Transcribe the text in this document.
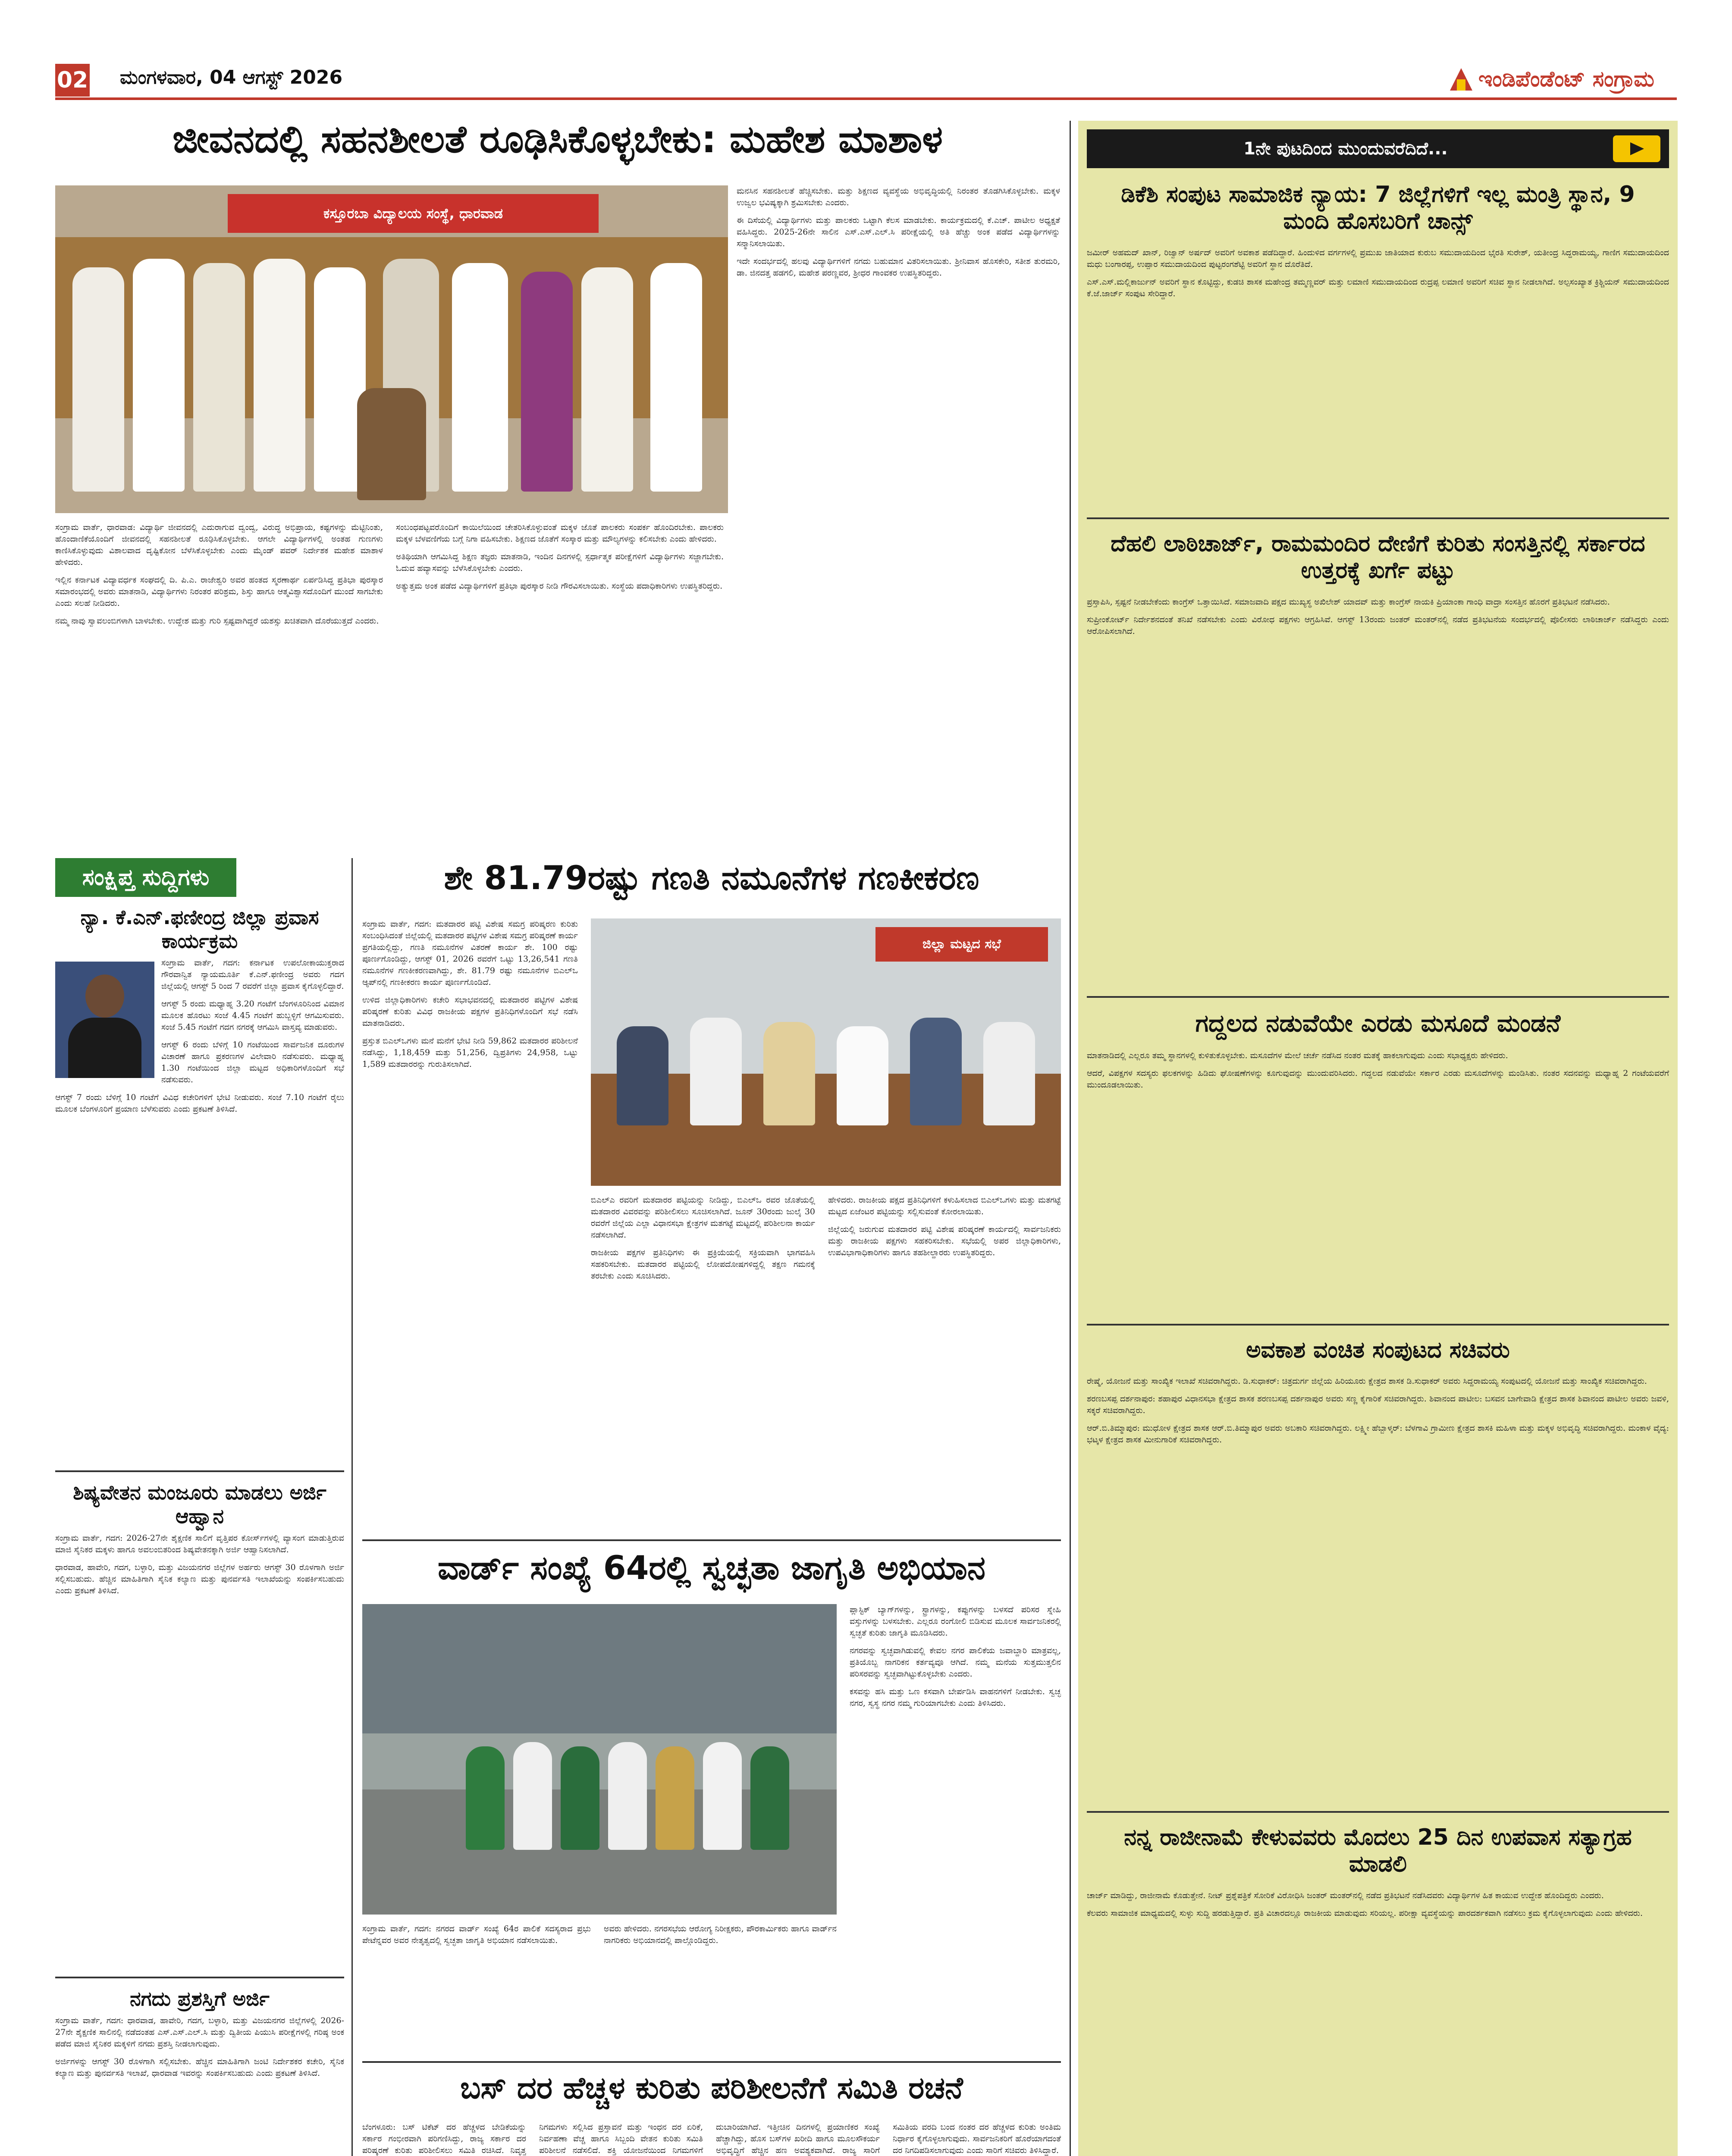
02 ಮಂಗಳವಾರ, 04 ಆಗಸ್ಟ್ 2026	ಇಂಡಿಪೆಂಡೆಂಟ್ ಸಂಗ್ರಾಮ
ಜೀವನದಲ್ಲಿ ಸಹನಶೀಲತೆ ರೂಢಿಸಿಕೊಳ್ಳಬೇಕು: ಮಹೇಶ ಮಾಶಾಳ
ಕಸ್ತೂರಬಾ ವಿದ್ಯಾಲಯ ಸಂಸ್ಥೆ, ಧಾರವಾಡ

ಸಂಗ್ರಾಮ ವಾರ್ತೆ, ಧಾರವಾಡ: ವಿದ್ಯಾರ್ಥಿ ಜೀವನದಲ್ಲಿ ಎದುರಾಗುವ ದ್ವಂದ್ವ, ವಿರುದ್ಧ ಅಭಿಪ್ರಾಯ, ಕಷ್ಟಗಳನ್ನು ಮೆಟ್ಟಿನಿಂತು, ಹೊಂದಾಣಿಕೆಯೊಂದಿಗೆ ಜೀವನದಲ್ಲಿ ಸಹನಶೀಲತೆ ರೂಢಿಸಿಕೊಳ್ಳಬೇಕು. ಆಗಲೇ ವಿದ್ಯಾರ್ಥಿಗಳಲ್ಲಿ ಅಂತಹ ಗುಣಗಳು ಕಾಣಿಸಿಕೊಳ್ಳುವುದು ವಿಶಾಲವಾದ ದೃಷ್ಟಿಕೋನ ಬೆಳೆಸಿಕೊಳ್ಳಬೇಕು ಎಂದು ಮೈಂಡ್ ಪವರ್ ನಿರ್ದೇಶಕ ಮಹೇಶ ಮಾಶಾಳ ಹೇಳಿದರು.

ಇಲ್ಲಿನ ಕರ್ನಾಟಕ ವಿದ್ಯಾವರ್ಧಕ ಸಂಘದಲ್ಲಿ ದಿ. ಪಿ.ಎ. ರಾಜೇಶ್ವರಿ ಅವರ ಹಂತದ ಸ್ಮರಣಾರ್ಥ ಏರ್ಪಡಿಸಿದ್ದ ಪ್ರತಿಭಾ ಪುರಸ್ಕಾರ ಸಮಾರಂಭದಲ್ಲಿ ಅವರು ಮಾತನಾಡಿ, ವಿದ್ಯಾರ್ಥಿಗಳು ನಿರಂತರ ಪರಿಶ್ರಮ, ಶಿಸ್ತು ಹಾಗೂ ಆತ್ಮವಿಶ್ವಾಸದೊಂದಿಗೆ ಮುಂದೆ ಸಾಗಬೇಕು ಎಂದು ಸಲಹೆ ನೀಡಿದರು.

ನಮ್ಮ ನಾವು ಸ್ವಾವಲಂಬಿಗಳಾಗಿ ಬಾಳಬೇಕು. ಉದ್ದೇಶ ಮತ್ತು ಗುರಿ ಸ್ಪಷ್ಟವಾಗಿದ್ದರೆ ಯಶಸ್ಸು ಖಚಿತವಾಗಿ ದೊರೆಯುತ್ತದೆ ಎಂದರು.

ಸಂಬಂಧಪಟ್ಟವರೊಂದಿಗೆ ಕಾಯಿಲೆಯಿಂದ ಚೇತರಿಸಿಕೊಳ್ಳುವಂತೆ ಮಕ್ಕಳ ಜೊತೆ ಪಾಲಕರು ಸಂಪರ್ಕ ಹೊಂದಿರಬೇಕು. ಪಾಲಕರು ಮಕ್ಕಳ ಬೆಳವಣಿಗೆಯ ಬಗ್ಗೆ ನಿಗಾ ವಹಿಸಬೇಕು. ಶಿಕ್ಷಣದ ಜೊತೆಗೆ ಸಂಸ್ಕಾರ ಮತ್ತು ಮೌಲ್ಯಗಳನ್ನು ಕಲಿಸಬೇಕು ಎಂದು ಹೇಳಿದರು.

ಅತಿಥಿಯಾಗಿ ಆಗಮಿಸಿದ್ದ ಶಿಕ್ಷಣ ತಜ್ಞರು ಮಾತನಾಡಿ, ಇಂದಿನ ದಿನಗಳಲ್ಲಿ ಸ್ಪರ್ಧಾತ್ಮಕ ಪರೀಕ್ಷೆಗಳಿಗೆ ವಿದ್ಯಾರ್ಥಿಗಳು ಸಜ್ಜಾಗಬೇಕು. ಓದುವ ಹವ್ಯಾಸವನ್ನು ಬೆಳೆಸಿಕೊಳ್ಳಬೇಕು ಎಂದರು.

ಅತ್ಯುತ್ತಮ ಅಂಕ ಪಡೆದ ವಿದ್ಯಾರ್ಥಿಗಳಿಗೆ ಪ್ರತಿಭಾ ಪುರಸ್ಕಾರ ನೀಡಿ ಗೌರವಿಸಲಾಯಿತು. ಸಂಸ್ಥೆಯ ಪದಾಧಿಕಾರಿಗಳು ಉಪಸ್ಥಿತರಿದ್ದರು.

ಮನಸಿನ ಸಹನಶೀಲತೆ ಹೆಚ್ಚಿಸಬೇಕು. ಮತ್ತು ಶಿಕ್ಷಣದ ವ್ಯವಸ್ಥೆಯ ಅಭಿವೃದ್ಧಿಯಲ್ಲಿ ನಿರಂತರ ತೊಡಗಿಸಿಕೊಳ್ಳಬೇಕು. ಮಕ್ಕಳ ಉಜ್ವಲ ಭವಿಷ್ಯಕ್ಕಾಗಿ ಶ್ರಮಿಸಬೇಕು ಎಂದರು.

ಈ ದಿಸೆಯಲ್ಲಿ ವಿದ್ಯಾರ್ಥಿಗಳು ಮತ್ತು ಪಾಲಕರು ಒಟ್ಟಾಗಿ ಕೆಲಸ ಮಾಡಬೇಕು. ಕಾರ್ಯಕ್ರಮದಲ್ಲಿ ಕೆ.ಎಚ್. ಪಾಟೀಲ ಅಧ್ಯಕ್ಷತೆ ವಹಿಸಿದ್ದರು. 2025-26ನೇ ಸಾಲಿನ ಎಸ್.ಎಸ್.ಎಲ್.ಸಿ ಪರೀಕ್ಷೆಯಲ್ಲಿ ಅತಿ ಹೆಚ್ಚು ಅಂಕ ಪಡೆದ ವಿದ್ಯಾರ್ಥಿಗಳನ್ನು ಸನ್ಮಾನಿಸಲಾಯಿತು.

ಇದೇ ಸಂದರ್ಭದಲ್ಲಿ ಹಲವು ವಿದ್ಯಾರ್ಥಿಗಳಿಗೆ ನಗದು ಬಹುಮಾನ ವಿತರಿಸಲಾಯಿತು. ಶ್ರೀನಿವಾಸ ಹೊಸಕೇರಿ, ಸತೀಶ ತುರಮರಿ, ಡಾ. ಜಿನದತ್ತ ಹಡಗಲಿ, ಮಹೇಶ ಪರಣ್ಣವರ, ಶ್ರೀಧರ ಗಾಂವಕರ ಉಪಸ್ಥಿತರಿದ್ದರು.

1ನೇ ಪುಟದಿಂದ ಮುಂದುವರೆದಿದೆ...
ಡಿಕೆಶಿ ಸಂಪುಟ ಸಾಮಾಜಿಕ ನ್ಯಾಯ: 7 ಜಿಲ್ಲೆಗಳಿಗೆ ಇಲ್ಲ ಮಂತ್ರಿ ಸ್ಥಾನ, 9 ಮಂದಿ ಹೊಸಬರಿಗೆ ಚಾನ್ಸ್

ಜಮೀರ್ ಅಹಮದ್ ಖಾನ್, ರಿಜ್ವಾನ್ ಅರ್ಷದ್ ಅವರಿಗೆ ಅವಕಾಶ ಪಡೆದಿದ್ದಾರೆ. ಹಿಂದುಳಿದ ವರ್ಗಗಳಲ್ಲಿ ಪ್ರಮುಖ ಜಾತಿಯಾದ ಕುರುಬ ಸಮುದಾಯದಿಂದ ಭೈರತಿ ಸುರೇಶ್, ಯತೀಂದ್ರ ಸಿದ್ದರಾಮಯ್ಯ, ಗಾಣಿಗ ಸಮುದಾಯದಿಂದ ಮಧು ಬಂಗಾರಪ್ಪ, ಉಪ್ಪಾರ ಸಮುದಾಯದಿಂದ ಪುಟ್ಟರಂಗಶೆಟ್ಟಿ ಅವರಿಗೆ ಸ್ಥಾನ ದೊರೆತಿದೆ.

ಎಸ್.ಎಸ್.ಮಲ್ಲಿಕಾರ್ಜುನ್ ಅವರಿಗೆ ಸ್ಥಾನ ಕೊಟ್ಟಿದ್ದು, ಕುಡಚಿ ಶಾಸಕ ಮಹೇಂದ್ರ ತಮ್ಮಣ್ಣವರ್ ಮತ್ತು ಲಮಾಣಿ ಸಮುದಾಯದಿಂದ ರುದ್ರಪ್ಪ ಲಮಾಣಿ ಅವರಿಗೆ ಸಚಿವ ಸ್ಥಾನ ನೀಡಲಾಗಿದೆ. ಅಲ್ಪಸಂಖ್ಯಾತ ಕ್ರಿಶ್ಚಿಯನ್ ಸಮುದಾಯದಿಂದ ಕೆ.ಜೆ.ಜಾರ್ಜ್ ಸಂಪುಟ ಸೇರಿದ್ದಾರೆ.

ದೆಹಲಿ ಲಾಠಿಚಾರ್ಜ್, ರಾಮಮಂದಿರ ದೇಣಿಗೆ ಕುರಿತು ಸಂಸತ್ತಿನಲ್ಲಿ ಸರ್ಕಾರದ ಉತ್ತರಕ್ಕೆ ಖರ್ಗೆ ಪಟ್ಟು

ಪ್ರಸ್ತಾಪಿಸಿ, ಸ್ಪಷ್ಟನೆ ನೀಡಬೇಕೆಂದು ಕಾಂಗ್ರೆಸ್ ಒತ್ತಾಯಿಸಿದೆ. ಸಮಾಜವಾದಿ ಪಕ್ಷದ ಮುಖ್ಯಸ್ಥ ಅಖಿಲೇಶ್ ಯಾದವ್ ಮತ್ತು ಕಾಂಗ್ರೆಸ್ ನಾಯಕಿ ಪ್ರಿಯಾಂಕಾ ಗಾಂಧಿ ವಾದ್ರಾ ಸಂಸತ್ತಿನ ಹೊರಗೆ ಪ್ರತಿಭಟನೆ ನಡೆಸಿದರು.

ಸುಪ್ರೀಂಕೋರ್ಟ್ ನಿರ್ದೇಶನದಂತೆ ತನಿಖೆ ನಡೆಸಬೇಕು ಎಂದು ವಿರೋಧ ಪಕ್ಷಗಳು ಆಗ್ರಹಿಸಿವೆ. ಆಗಸ್ಟ್ 13ರಂದು ಜಂತರ್ ಮಂತರ್‌ನಲ್ಲಿ ನಡೆದ ಪ್ರತಿಭಟನೆಯ ಸಂದರ್ಭದಲ್ಲಿ ಪೊಲೀಸರು ಲಾಠಿಚಾರ್ಜ್ ನಡೆಸಿದ್ದರು ಎಂದು ಆರೋಪಿಸಲಾಗಿದೆ.

ಗದ್ದಲದ ನಡುವೆಯೇ ಎರಡು ಮಸೂದೆ ಮಂಡನೆ

ಮಾತನಾಡಿದಲ್ಲಿ ಎಲ್ಲರೂ ತಮ್ಮ ಸ್ಥಾನಗಳಲ್ಲಿ ಕುಳಿತುಕೊಳ್ಳಬೇಕು. ಮಸೂದೆಗಳ ಮೇಲೆ ಚರ್ಚೆ ನಡೆಸಿದ ನಂತರ ಮತಕ್ಕೆ ಹಾಕಲಾಗುವುದು ಎಂದು ಸಭಾಧ್ಯಕ್ಷರು ಹೇಳಿದರು.

ಆದರೆ, ವಿಪಕ್ಷಗಳ ಸದಸ್ಯರು ಫಲಕಗಳನ್ನು ಹಿಡಿದು ಘೋಷಣೆಗಳನ್ನು ಕೂಗುವುದನ್ನು ಮುಂದುವರಿಸಿದರು. ಗದ್ದಲದ ನಡುವೆಯೇ ಸರ್ಕಾರ ಎರಡು ಮಸೂದೆಗಳನ್ನು ಮಂಡಿಸಿತು. ನಂತರ ಸದನವನ್ನು ಮಧ್ಯಾಹ್ನ 2 ಗಂಟೆಯವರೆಗೆ ಮುಂದೂಡಲಾಯಿತು.

ಅವಕಾಶ ವಂಚಿತ ಸಂಪುಟದ ಸಚಿವರು

ರೇಷ್ಮೆ, ಯೋಜನೆ ಮತ್ತು ಸಾಂಖ್ಯಿಕ ಇಲಾಖೆ ಸಚಿವರಾಗಿದ್ದರು. ಡಿ.ಸುಧಾಕರ್: ಚಿತ್ರದುರ್ಗ ಜಿಲ್ಲೆಯ ಹಿರಿಯೂರು ಕ್ಷೇತ್ರದ ಶಾಸಕ ಡಿ.ಸುಧಾಕರ್ ಅವರು ಸಿದ್ದರಾಮಯ್ಯ ಸಂಪುಟದಲ್ಲಿ ಯೋಜನೆ ಮತ್ತು ಸಾಂಖ್ಯಿಕ ಸಚಿವರಾಗಿದ್ದರು.

ಶರಣಬಸಪ್ಪ ದರ್ಶನಾಪುರ: ಶಹಾಪುರ ವಿಧಾನಸಭಾ ಕ್ಷೇತ್ರದ ಶಾಸಕ ಶರಣಬಸಪ್ಪ ದರ್ಶನಾಪುರ ಅವರು ಸಣ್ಣ ಕೈಗಾರಿಕೆ ಸಚಿವರಾಗಿದ್ದರು. ಶಿವಾನಂದ ಪಾಟೀಲ: ಬಸವನ ಬಾಗೇವಾಡಿ ಕ್ಷೇತ್ರದ ಶಾಸಕ ಶಿವಾನಂದ ಪಾಟೀಲ ಅವರು ಜವಳಿ, ಸಕ್ಕರೆ ಸಚಿವರಾಗಿದ್ದರು.

ಆರ್.ಬಿ.ತಿಮ್ಮಾಪುರ: ಮುಧೋಳ ಕ್ಷೇತ್ರದ ಶಾಸಕ ಆರ್.ಬಿ.ತಿಮ್ಮಾಪುರ ಅವರು ಅಬಕಾರಿ ಸಚಿವರಾಗಿದ್ದರು. ಲಕ್ಷ್ಮೀ ಹೆಬ್ಬಾಳ್ಕರ್: ಬೆಳಗಾವಿ ಗ್ರಾಮೀಣ ಕ್ಷೇತ್ರದ ಶಾಸಕಿ ಮಹಿಳಾ ಮತ್ತು ಮಕ್ಕಳ ಅಭಿವೃದ್ಧಿ ಸಚಿವರಾಗಿದ್ದರು. ಮಂಕಾಳ ವೈದ್ಯ: ಭಟ್ಕಳ ಕ್ಷೇತ್ರದ ಶಾಸಕ ಮೀನುಗಾರಿಕೆ ಸಚಿವರಾಗಿದ್ದರು.

ನನ್ನ ರಾಜೀನಾಮೆ ಕೇಳುವವರು ಮೊದಲು 25 ದಿನ ಉಪವಾಸ ಸತ್ಯಾಗ್ರಹ ಮಾಡಲಿ

ಚಾರ್ಜ್ ಮಾಡಿದ್ದು, ರಾಜೀನಾಮೆ ಕೊಡುತ್ತೇನೆ. ನೀಟ್ ಪ್ರಶ್ನೆಪತ್ರಿಕೆ ಸೋರಿಕೆ ವಿರೋಧಿಸಿ ಜಂತರ್ ಮಂತರ್‌ನಲ್ಲಿ ನಡೆದ ಪ್ರತಿಭಟನೆ ನಡೆಸಿದವರು ವಿದ್ಯಾರ್ಥಿಗಳ ಹಿತ ಕಾಯುವ ಉದ್ದೇಶ ಹೊಂದಿದ್ದರು ಎಂದರು.

ಕೆಲವರು ಸಾಮಾಜಿಕ ಮಾಧ್ಯಮದಲ್ಲಿ ಸುಳ್ಳು ಸುದ್ದಿ ಹರಡುತ್ತಿದ್ದಾರೆ. ಪ್ರತಿ ವಿಚಾರದಲ್ಲೂ ರಾಜಕೀಯ ಮಾಡುವುದು ಸರಿಯಲ್ಲ. ಪರೀಕ್ಷಾ ವ್ಯವಸ್ಥೆಯನ್ನು ಪಾರದರ್ಶಕವಾಗಿ ನಡೆಸಲು ಕ್ರಮ ಕೈಗೊಳ್ಳಲಾಗುವುದು ಎಂದು ಹೇಳಿದರು.

ಸಂಕ್ಷಿಪ್ತ ಸುದ್ದಿಗಳು
ನ್ಯಾ. ಕೆ.ಎನ್.ಫಣೀಂದ್ರ ಜಿಲ್ಲಾ ಪ್ರವಾಸ ಕಾರ್ಯಕ್ರಮ

ಸಂಗ್ರಾಮ ವಾರ್ತೆ, ಗದಗ: ಕರ್ನಾಟಕ ಉಪಲೋಕಾಯುಕ್ತರಾದ ಗೌರವಾನ್ವಿತ ನ್ಯಾಯಮೂರ್ತಿ ಕೆ.ಎನ್.ಫಣೀಂದ್ರ ಅವರು ಗದಗ ಜಿಲ್ಲೆಯಲ್ಲಿ ಆಗಸ್ಟ್ 5 ರಿಂದ 7 ರವರೆಗೆ ಜಿಲ್ಲಾ ಪ್ರವಾಸ ಕೈಗೊಳ್ಳಲಿದ್ದಾರೆ.

ಆಗಸ್ಟ್ 5 ರಂದು ಮಧ್ಯಾಹ್ನ 3.20 ಗಂಟೆಗೆ ಬೆಂಗಳೂರಿನಿಂದ ವಿಮಾನ ಮೂಲಕ ಹೊರಟು ಸಂಜೆ 4.45 ಗಂಟೆಗೆ ಹುಬ್ಬಳ್ಳಿಗೆ ಆಗಮಿಸುವರು. ಸಂಜೆ 5.45 ಗಂಟೆಗೆ ಗದಗ ನಗರಕ್ಕೆ ಆಗಮಿಸಿ ವಾಸ್ತವ್ಯ ಮಾಡುವರು.

ಆಗಸ್ಟ್ 6 ರಂದು ಬೆಳಿಗ್ಗೆ 10 ಗಂಟೆಯಿಂದ ಸಾರ್ವಜನಿಕ ದೂರುಗಳ ವಿಚಾರಣೆ ಹಾಗೂ ಪ್ರಕರಣಗಳ ವಿಲೇವಾರಿ ನಡೆಸುವರು. ಮಧ್ಯಾಹ್ನ 1.30 ಗಂಟೆಯಿಂದ ಜಿಲ್ಲಾ ಮಟ್ಟದ ಅಧಿಕಾರಿಗಳೊಂದಿಗೆ ಸಭೆ ನಡೆಸುವರು.

ಆಗಸ್ಟ್ 7 ರಂದು ಬೆಳಿಗ್ಗೆ 10 ಗಂಟೆಗೆ ವಿವಿಧ ಕಚೇರಿಗಳಿಗೆ ಭೇಟಿ ನೀಡುವರು. ಸಂಜೆ 7.10 ಗಂಟೆಗೆ ರೈಲು ಮೂಲಕ ಬೆಂಗಳೂರಿಗೆ ಪ್ರಯಾಣ ಬೆಳೆಸುವರು ಎಂದು ಪ್ರಕಟಣೆ ತಿಳಿಸಿದೆ.

ಶಿಷ್ಯವೇತನ ಮಂಜೂರು ಮಾಡಲು ಅರ್ಜಿ ಆಹ್ವಾನ

ಸಂಗ್ರಾಮ ವಾರ್ತೆ, ಗದಗ: 2026-27ನೇ ಶೈಕ್ಷಣಿಕ ಸಾಲಿಗೆ ವೃತ್ತಿಪರ ಕೋರ್ಸ್‌ಗಳಲ್ಲಿ ವ್ಯಾಸಂಗ ಮಾಡುತ್ತಿರುವ ಮಾಜಿ ಸೈನಿಕರ ಮಕ್ಕಳು ಹಾಗೂ ಅವಲಂಬಿತರಿಂದ ಶಿಷ್ಯವೇತನಕ್ಕಾಗಿ ಅರ್ಜಿ ಆಹ್ವಾನಿಸಲಾಗಿದೆ.

ಧಾರವಾಡ, ಹಾವೇರಿ, ಗದಗ, ಬಳ್ಳಾರಿ, ಮತ್ತು ವಿಜಯನಗರ ಜಿಲ್ಲೆಗಳ ಅರ್ಹರು ಆಗಸ್ಟ್ 30 ರೊಳಗಾಗಿ ಅರ್ಜಿ ಸಲ್ಲಿಸಬಹುದು. ಹೆಚ್ಚಿನ ಮಾಹಿತಿಗಾಗಿ ಸೈನಿಕ ಕಲ್ಯಾಣ ಮತ್ತು ಪುನರ್ವಸತಿ ಇಲಾಖೆಯನ್ನು ಸಂಪರ್ಕಿಸಬಹುದು ಎಂದು ಪ್ರಕಟಣೆ ತಿಳಿಸಿದೆ.

ನಗದು ಪ್ರಶಸ್ತಿಗೆ ಅರ್ಜಿ

ಸಂಗ್ರಾಮ ವಾರ್ತೆ, ಗದಗ: ಧಾರವಾಡ, ಹಾವೇರಿ, ಗದಗ, ಬಳ್ಳಾರಿ, ಮತ್ತು ವಿಜಯನಗರ ಜಿಲ್ಲೆಗಳಲ್ಲಿ 2026-27ನೇ ಶೈಕ್ಷಣಿಕ ಸಾಲಿನಲ್ಲಿ ನಡೆದಂತಹ ಎಸ್.ಎಸ್.ಎಲ್.ಸಿ ಮತ್ತು ದ್ವಿತೀಯ ಪಿಯುಸಿ ಪರೀಕ್ಷೆಗಳಲ್ಲಿ ಗರಿಷ್ಠ ಅಂಕ ಪಡೆದ ಮಾಜಿ ಸೈನಿಕರ ಮಕ್ಕಳಿಗೆ ನಗದು ಪ್ರಶಸ್ತಿ ನೀಡಲಾಗುವುದು.

ಅರ್ಜಿಗಳನ್ನು ಆಗಸ್ಟ್ 30 ರೊಳಗಾಗಿ ಸಲ್ಲಿಸಬೇಕು. ಹೆಚ್ಚಿನ ಮಾಹಿತಿಗಾಗಿ ಜಂಟಿ ನಿರ್ದೇಶಕರ ಕಚೇರಿ, ಸೈನಿಕ ಕಲ್ಯಾಣ ಮತ್ತು ಪುನರ್ವಸತಿ ಇಲಾಖೆ, ಧಾರವಾಡ ಇವರನ್ನು ಸಂಪರ್ಕಿಸಬಹುದು ಎಂದು ಪ್ರಕಟಣೆ ತಿಳಿಸಿದೆ.

ಶೇ 81.79ರಷ್ಟು ಗಣತಿ ನಮೂನೆಗಳ ಗಣಕೀಕರಣ

ಸಂಗ್ರಾಮ ವಾರ್ತೆ, ಗದಗ: ಮತದಾರರ ಪಟ್ಟಿ ವಿಶೇಷ ಸಮಗ್ರ ಪರಿಷ್ಕರಣ ಕುರಿತು ಸಂಬಂಧಿಸಿದಂತೆ ಜಿಲ್ಲೆಯಲ್ಲಿ ಮತದಾರರ ಪಟ್ಟಿಗಳ ವಿಶೇಷ ಸಮಗ್ರ ಪರಿಷ್ಕರಣೆ ಕಾರ್ಯ ಪ್ರಗತಿಯಲ್ಲಿದ್ದು, ಗಣತಿ ನಮೂನೆಗಳ ವಿತರಣೆ ಕಾರ್ಯ ಶೇ. 100 ರಷ್ಟು ಪೂರ್ಣಗೊಂಡಿದ್ದು, ಆಗಸ್ಟ್ 01, 2026 ರವರೆಗೆ ಒಟ್ಟು 13,26,541 ಗಣತಿ ನಮೂನೆಗಳ ಗಣಕೀಕರಣವಾಗಿದ್ದು, ಶೇ. 81.79 ರಷ್ಟು ನಮೂನೆಗಳ ಬಿಎಲ್‌ಒ ಆ್ಯಪ್‌ನಲ್ಲಿ ಗಣಕೀಕರಣ ಕಾರ್ಯ ಪೂರ್ಣಗೊಂಡಿದೆ.

ಉಳಿದ ಜಿಲ್ಲಾಧಿಕಾರಿಗಳು ಕಚೇರಿ ಸಭಾಭವನದಲ್ಲಿ ಮತದಾರರ ಪಟ್ಟಿಗಳ ವಿಶೇಷ ಪರಿಷ್ಕರಣೆ ಕುರಿತು ವಿವಿಧ ರಾಜಕೀಯ ಪಕ್ಷಗಳ ಪ್ರತಿನಿಧಿಗಳೊಂದಿಗೆ ಸಭೆ ನಡೆಸಿ ಮಾತನಾಡಿದರು.

ಪ್ರಸ್ತುತ ಬಿಎಲ್‌ಒಗಳು ಮನೆ ಮನೆಗೆ ಭೇಟಿ ನೀಡಿ 59,862 ಮತದಾರರ ಪರಿಶೀಲನೆ ನಡೆಸಿದ್ದು, 1,18,459 ಮತ್ತು 51,256, ದ್ವಿಪ್ರತಿಗಳು 24,958, ಒಟ್ಟು 1,589 ಮತದಾರರನ್ನು ಗುರುತಿಸಲಾಗಿದೆ.

ಜಿಲ್ಲಾ ಮಟ್ಟದ ಸಭೆ

ಬಿಎಲ್‌ಎ ರವರಿಗೆ ಮತದಾರರ ಪಟ್ಟಿಯನ್ನು ನೀಡಿದ್ದು, ಬಿಎಲ್‌ಒ ರವರ ಜೊತೆಯಲ್ಲಿ ಮತದಾರರ ವಿವರವನ್ನು ಪರಿಶೀಲಿಸಲು ಸೂಚಿಸಲಾಗಿದೆ. ಜೂನ್ 30ರಂದು ಜುಲೈ 30 ರವರೆಗೆ ಜಿಲ್ಲೆಯ ಎಲ್ಲಾ ವಿಧಾನಸಭಾ ಕ್ಷೇತ್ರಗಳ ಮತಗಟ್ಟೆ ಮಟ್ಟದಲ್ಲಿ ಪರಿಶೀಲನಾ ಕಾರ್ಯ ನಡೆಸಲಾಗಿದೆ.

ರಾಜಕೀಯ ಪಕ್ಷಗಳ ಪ್ರತಿನಿಧಿಗಳು ಈ ಪ್ರಕ್ರಿಯೆಯಲ್ಲಿ ಸಕ್ರಿಯವಾಗಿ ಭಾಗವಹಿಸಿ ಸಹಕರಿಸಬೇಕು. ಮತದಾರರ ಪಟ್ಟಿಯಲ್ಲಿ ಲೋಪದೋಷಗಳಿದ್ದಲ್ಲಿ ತಕ್ಷಣ ಗಮನಕ್ಕೆ ತರಬೇಕು ಎಂದು ಸೂಚಿಸಿದರು.

ಹೇಳಿದರು. ರಾಜಕೀಯ ಪಕ್ಷದ ಪ್ರತಿನಿಧಿಗಳಿಗೆ ಕಳುಹಿಸಲಾದ ಬಿಎಲ್‌ಒಗಳು ಮತ್ತು ಮತಗಟ್ಟೆ ಮಟ್ಟದ ಏಜೆಂಟರ ಪಟ್ಟಿಯನ್ನು ಸಲ್ಲಿಸುವಂತೆ ಕೋರಲಾಯಿತು.

ಜಿಲ್ಲೆಯಲ್ಲಿ ಜರುಗುವ ಮತದಾರರ ಪಟ್ಟಿ ವಿಶೇಷ ಪರಿಷ್ಕರಣೆ ಕಾರ್ಯದಲ್ಲಿ ಸಾರ್ವಜನಿಕರು ಮತ್ತು ರಾಜಕೀಯ ಪಕ್ಷಗಳು ಸಹಕರಿಸಬೇಕು. ಸಭೆಯಲ್ಲಿ ಅಪರ ಜಿಲ್ಲಾಧಿಕಾರಿಗಳು, ಉಪವಿಭಾಗಾಧಿಕಾರಿಗಳು ಹಾಗೂ ತಹಶೀಲ್ದಾರರು ಉಪಸ್ಥಿತರಿದ್ದರು.

ವಾರ್ಡ್ ಸಂಖ್ಯೆ 64ರಲ್ಲಿ ಸ್ವಚ್ಛತಾ ಜಾಗೃತಿ ಅಭಿಯಾನ

ಪ್ಲಾಸ್ಟಿಕ್ ಬ್ಯಾಗ್‌ಗಳನ್ನು, ಸ್ಟ್ರಾಗಳನ್ನು, ಕಪ್ಪುಗಳನ್ನು ಬಳಸದೆ ಪರಿಸರ ಸ್ನೇಹಿ ವಸ್ತುಗಳನ್ನು ಬಳಸಬೇಕು. ಎಲ್ಲರೂ ರಂಗೋಲಿ ಬಿಡಿಸುವ ಮೂಲಕ ಸಾರ್ವಜನಿಕರಲ್ಲಿ ಸ್ವಚ್ಛತೆ ಕುರಿತು ಜಾಗೃತಿ ಮೂಡಿಸಿದರು.

ನಗರವನ್ನು ಸ್ವಚ್ಛವಾಗಿಡುವಲ್ಲಿ ಕೇವಲ ನಗರ ಪಾಲಿಕೆಯ ಜವಾಬ್ದಾರಿ ಮಾತ್ರವಲ್ಲ, ಪ್ರತಿಯೊಬ್ಬ ನಾಗರಿಕನ ಕರ್ತವ್ಯವೂ ಆಗಿದೆ. ನಮ್ಮ ಮನೆಯ ಸುತ್ತಮುತ್ತಲಿನ ಪರಿಸರವನ್ನು ಸ್ವಚ್ಛವಾಗಿಟ್ಟುಕೊಳ್ಳಬೇಕು ಎಂದರು.

ಕಸವನ್ನು ಹಸಿ ಮತ್ತು ಒಣ ಕಸವಾಗಿ ಬೇರ್ಪಡಿಸಿ ವಾಹನಗಳಿಗೆ ನೀಡಬೇಕು. ಸ್ವಚ್ಛ ನಗರ, ಸ್ವಸ್ಥ ನಗರ ನಮ್ಮ ಗುರಿಯಾಗಬೇಕು ಎಂದು ತಿಳಿಸಿದರು.

ಸಂಗ್ರಾಮ ವಾರ್ತೆ, ಗದಗ: ನಗರದ ವಾರ್ಡ್ ಸಂಖ್ಯೆ 64ರ ಪಾಲಿಕೆ ಸದಸ್ಯರಾದ ಪ್ರಭು ಪೇಟೆನ್ನವರ ಅವರ ನೇತೃತ್ವದಲ್ಲಿ ಸ್ವಚ್ಛತಾ ಜಾಗೃತಿ ಅಭಿಯಾನ ನಡೆಸಲಾಯಿತು.

ಅವರು ಹೇಳಿದರು. ನಗರಸಭೆಯ ಆರೋಗ್ಯ ನಿರೀಕ್ಷಕರು, ಪೌರಕಾರ್ಮಿಕರು ಹಾಗೂ ವಾರ್ಡ್‌ನ ನಾಗರಿಕರು ಅಭಿಯಾನದಲ್ಲಿ ಪಾಲ್ಗೊಂಡಿದ್ದರು.

ಬಸ್ ದರ ಹೆಚ್ಚಳ ಕುರಿತು ಪರಿಶೀಲನೆಗೆ ಸಮಿತಿ ರಚನೆ

ಬೆಂಗಳೂರು: ಬಸ್ ಟಿಕೆಟ್ ದರ ಹೆಚ್ಚಳದ ಬೇಡಿಕೆಯನ್ನು ಸರ್ಕಾರ ಗಂಭೀರವಾಗಿ ಪರಿಗಣಿಸಿದ್ದು, ರಾಜ್ಯ ಸರ್ಕಾರ ದರ ಪರಿಷ್ಕರಣೆ ಕುರಿತು ಪರಿಶೀಲಿಸಲು ಸಮಿತಿ ರಚಿಸಿದೆ. ನಿವೃತ್ತ

ನಿಗಮಗಳು ಸಲ್ಲಿಸಿದ ಪ್ರಸ್ತಾವನೆ ಮತ್ತು ಇಂಧನ ದರ ಏರಿಕೆ, ನಿರ್ವಹಣಾ ವೆಚ್ಚ ಹಾಗೂ ಸಿಬ್ಬಂದಿ ವೇತನ ಕುರಿತು ಸಮಿತಿ ಪರಿಶೀಲನೆ ನಡೆಸಲಿದೆ. ಶಕ್ತಿ ಯೋಜನೆಯಿಂದ ನಿಗಮಗಳಿಗೆ

ದುಬಾರಿಯಾಗಿದೆ. ಇತ್ತೀಚಿನ ದಿನಗಳಲ್ಲಿ ಪ್ರಯಾಣಿಕರ ಸಂಖ್ಯೆ ಹೆಚ್ಚಾಗಿದ್ದು, ಹೊಸ ಬಸ್‌ಗಳ ಖರೀದಿ ಹಾಗೂ ಮೂಲಸೌಕರ್ಯ ಅಭಿವೃದ್ಧಿಗೆ ಹೆಚ್ಚಿನ ಹಣ ಅವಶ್ಯಕವಾಗಿದೆ. ರಾಜ್ಯ ಸಾರಿಗೆ

ಸಮಿತಿಯ ವರದಿ ಬಂದ ನಂತರ ದರ ಹೆಚ್ಚಳದ ಕುರಿತು ಅಂತಿಮ ನಿರ್ಧಾರ ಕೈಗೊಳ್ಳಲಾಗುವುದು. ಸಾರ್ವಜನಿಕರಿಗೆ ಹೊರೆಯಾಗದಂತೆ ದರ ನಿಗದಿಪಡಿಸಲಾಗುವುದು ಎಂದು ಸಾರಿಗೆ ಸಚಿವರು ತಿಳಿಸಿದ್ದಾರೆ.
